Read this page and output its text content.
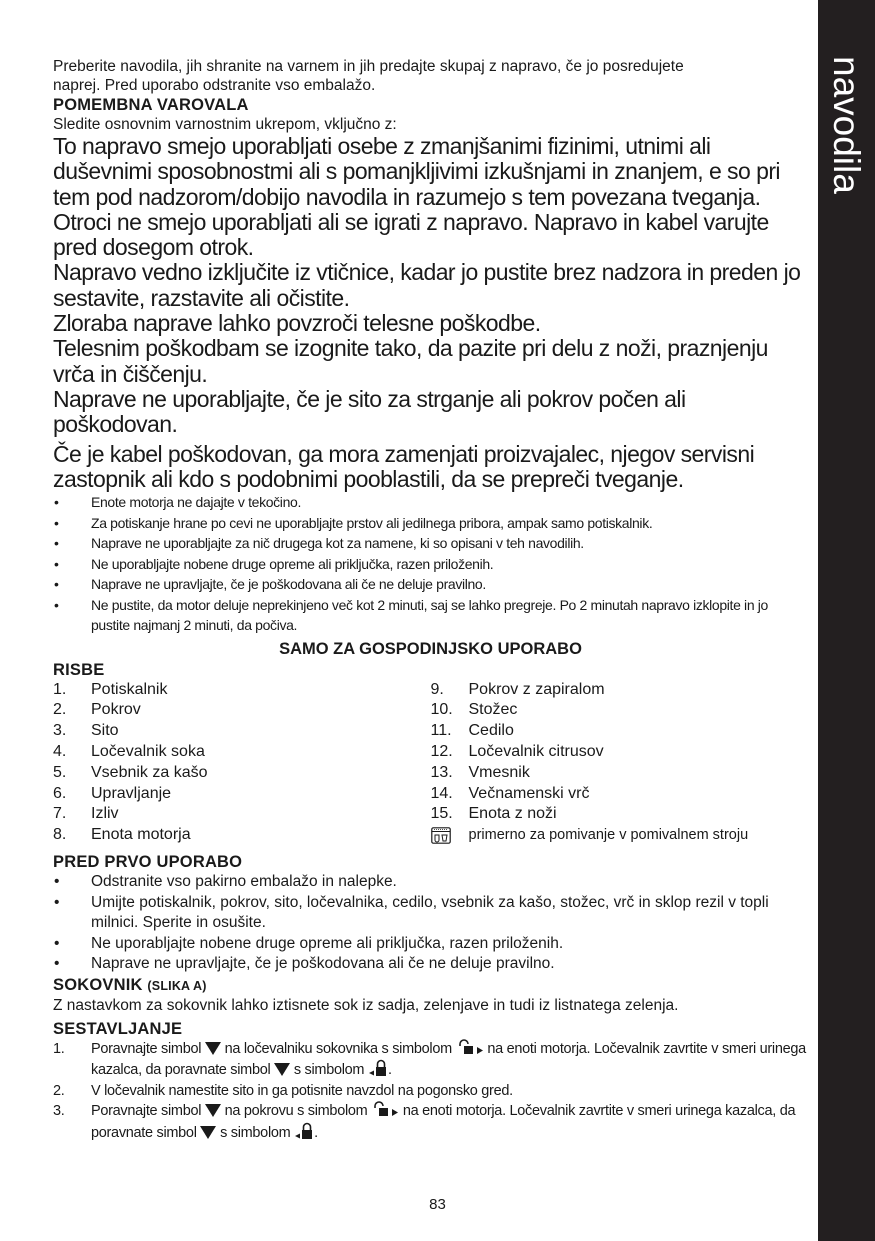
navodila

Preberite navodila, jih shranite na varnem in jih predajte skupaj z napravo, če jo posredujete

naprej. Pred uporabo odstranite vso embalažo.

POMEMBNA VAROVALA

Sledite osnovnim varnostnim ukrepom, vključno z:

To napravo smejo uporabljati osebe z zmanjšanimi fizinimi, utnimi ali duševnimi sposobnostmi ali s pomanjkljivimi izkušnjami in znanjem, e so pri tem pod nadzorom/dobijo navodila in razumejo s tem povezana tveganja.

Otroci ne smejo uporabljati ali se igrati z napravo. Napravo in kabel varujte pred dosegom otrok.

Napravo vedno izključite iz vtičnice, kadar jo pustite brez nadzora in preden jo sestavite, razstavite ali očistite.

Zloraba naprave lahko povzroči telesne poškodbe.

Telesnim poškodbam se izognite tako, da pazite pri delu z noži, praznjenju vrča in čiščenju.

Naprave ne uporabljajte, če je sito za strganje ali pokrov počen ali poškodovan.

Če je kabel poškodovan, ga mora zamenjati proizvajalec, njegov servisni zastopnik ali kdo s podobnimi pooblastili, da se prepreči tveganje.

• Enote motorja ne dajajte v tekočino.
• Za potiskanje hrane po cevi ne uporabljajte prstov ali jedilnega pribora, ampak samo potiskalnik.
• Naprave ne uporabljajte za nič drugega kot za namene, ki so opisani v teh navodilih.
• Ne uporabljajte nobene druge opreme ali priključka, razen priloženih.
• Naprave ne upravljajte, če je poškodovana ali če ne deluje pravilno.
• Ne pustite, da motor deluje neprekinjeno več kot 2 minuti, saj se lahko pregreje. Po 2 minutah napravo izklopite in jo pustite najmanj 2 minuti, da počiva.

SAMO ZA GOSPODINJSKO UPORABO

RISBE
1.	Potiskalnik
2.	Pokrov
3.	Sito
4.	Ločevalnik soka
5.	Vsebnik za kašo
6.	Upravljanje
7.	Izliv
8.	Enota motorja
9.	Pokrov z zapiralom
10. Stožec
11.	Cedilo
12. Ločevalnik citrusov
13. Vmesnik
14. Večnamenski vrč
15. Enota z noži
primerno za pomivanje v pomivalnem stroju
PRED PRVO UPORABO
• Odstranite vso pakirno embalažo in nalepke.
• Umijte potiskalnik, pokrov, sito, ločevalnika, cedilo, vsebnik za kašo, stožec, vrč in sklop rezil v topli milnici. Sperite in osušite.
• Ne uporabljajte nobene druge opreme ali priključka, razen priloženih.
• Naprave ne upravljajte, če je poškodovana ali če ne deluje pravilno.
SOKOVNIK (SLIKA A)

Z nastavkom za sokovnik lahko iztisnete sok iz sadja, zelenjave in tudi iz listnatega zelenja.

SESTAVLJANJE
1. Poravnajte simbol na ločevalniku sokovnika s simbolom na enoti motorja. Ločevalnik zavrtite v smeri urinega kazalca, da poravnate simbol s simbolom .
2. V ločevalnik namestite sito in ga potisnite navzdol na pogonsko gred.
3. Poravnajte simbol na pokrovu s simbolom na enoti motorja. Ločevalnik zavrtite v smeri urinega kazalca, da poravnate simbol s simbolom .
83
